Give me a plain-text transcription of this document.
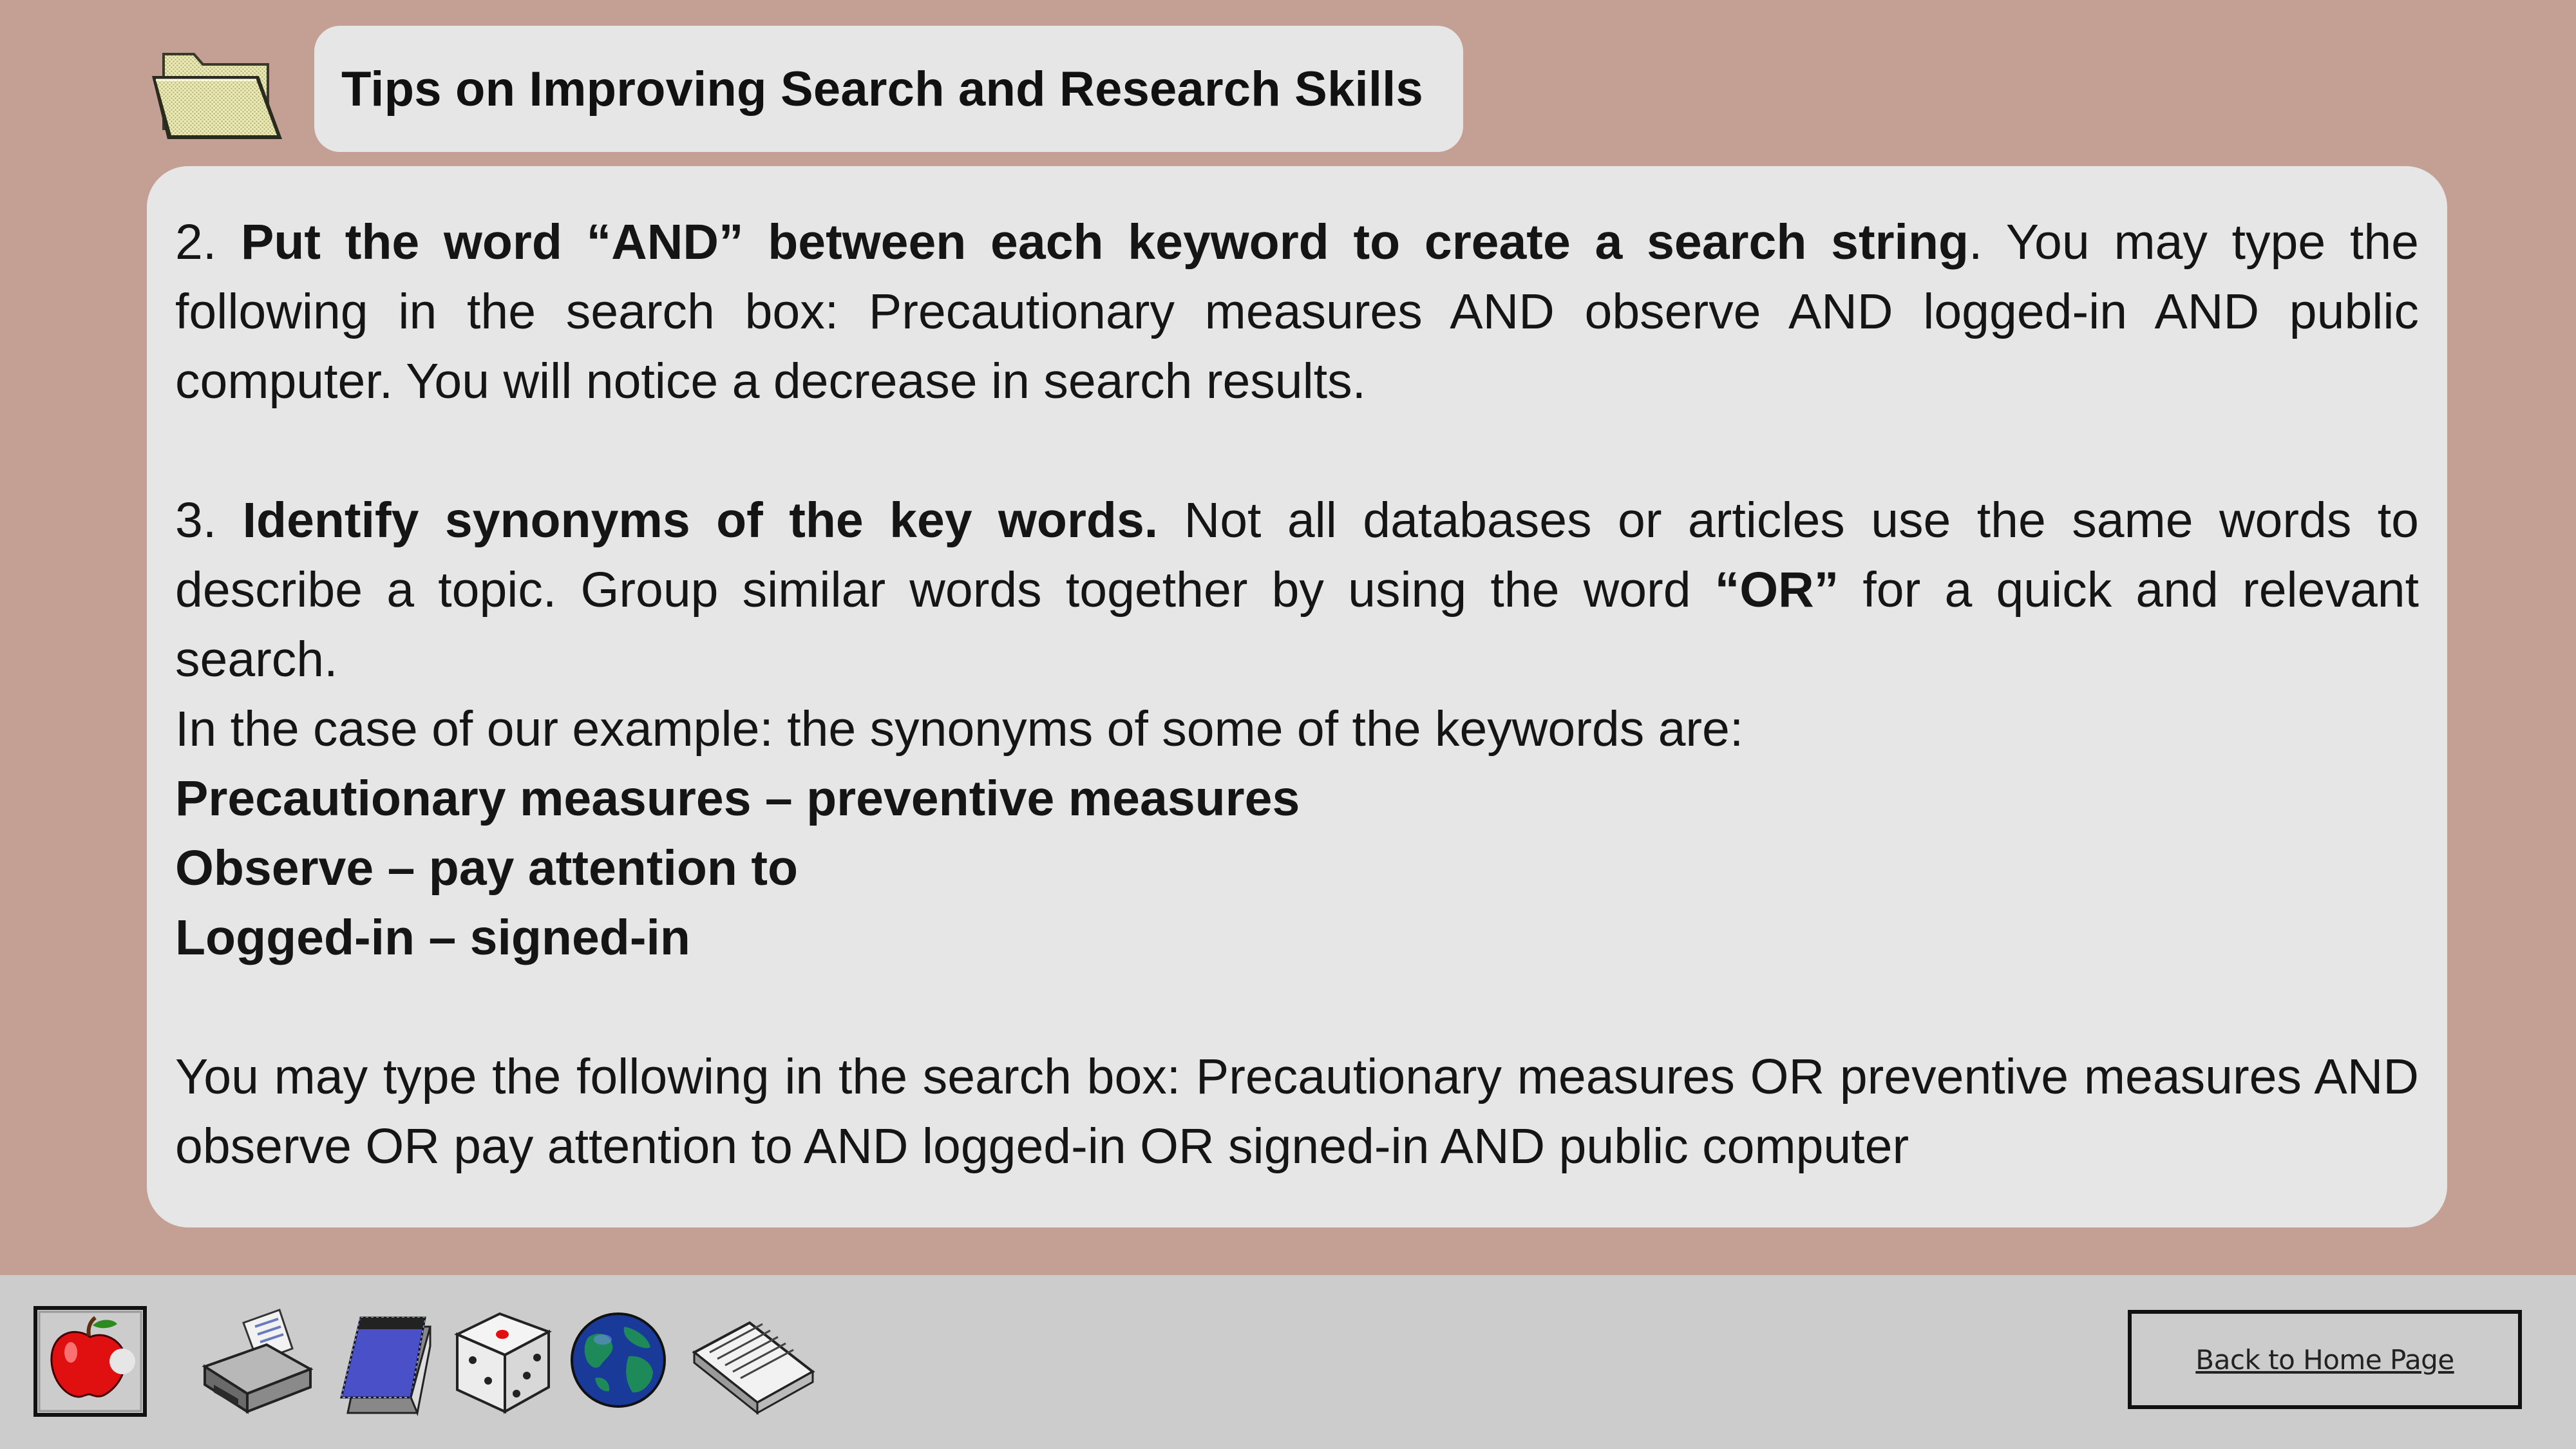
Tips on Improving Search and Research Skills

2. Put the word “AND” between each keyword to create a search string. You may type the following in the search box: Precautionary measures AND observe AND logged-in AND public computer. You will notice a decrease in search results.

3. Identify synonyms of the key words. Not all databases or articles use the same words to describe a topic. Group similar words together by using the word “OR” for a quick and relevant search.

In the case of our example: the synonyms of some of the keywords are:

Precautionary measures – preventive measures

Observe – pay attention to

Logged-in – signed-in

You may type the following in the search box: Precautionary measures OR preventive measures AND observe OR pay attention to AND logged-in OR signed-in AND public computer

Back to Home Page
